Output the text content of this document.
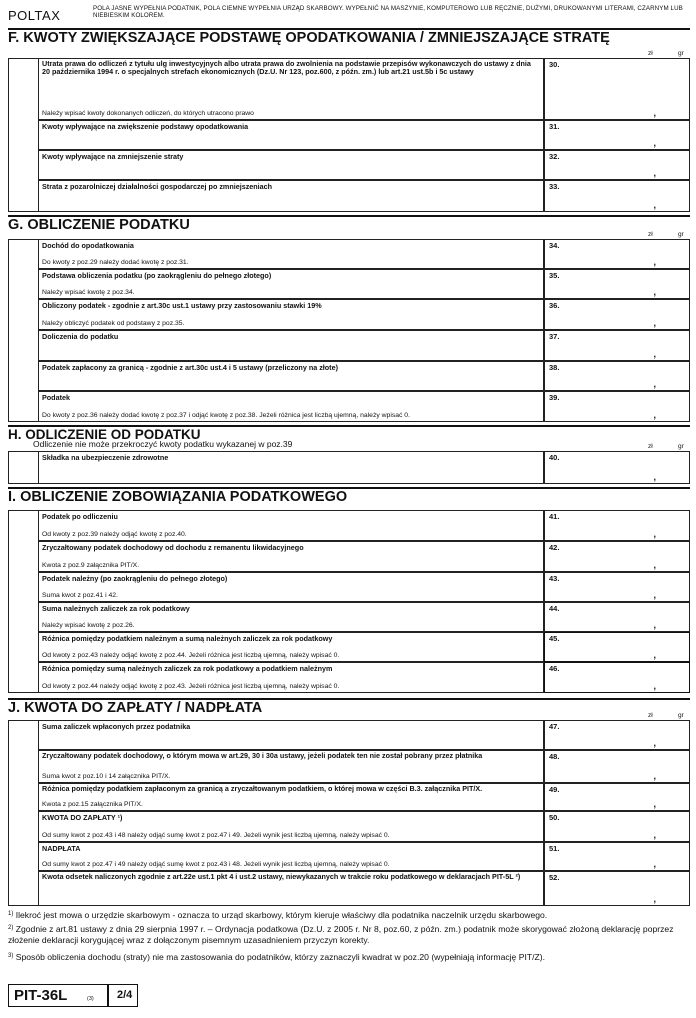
POLTAX	POLA JASNE WYPEŁNIA PODATNIK, POLA CIEMNE WYPEŁNIA URZĄD SKARBOWY. WYPEŁNIĆ NA MASZYNIE, KOMPUTEROWO LUB RĘCZNIE, DUŻYMI, DRUKOWANYMI LITERAMI, CZARNYM LUB NIEBIESKIM KOLOREM.
F. KWOTY ZWIĘKSZAJĄCE PODSTAWĘ OPODATKOWANIA / ZMNIEJSZAJĄCE STRATĘ
zł	gr
Utrata prawa do odliczeń z tytułu ulg inwestycyjnych albo utrata prawa do zwolnienia na podstawie przepisów wykonawczych do ustawy z dnia 20 października 1994 r. o specjalnych strefach ekonomicznych (Dz.U. Nr 123, poz.600, z późn. zm.) lub art.21 ust.5b i 5c ustawy
Należy wpisać kwoty dokonanych odliczeń, do których utracono prawo
30.
,
Kwoty wpływające na zwiększenie podstawy opodatkowania	31.
,
Kwoty wpływające na zmniejszenie straty	32.
,
Strata z pozarolniczej działalności gospodarczej po zmniejszeniach	33.
,
G. OBLICZENIE PODATKU
zł	gr
Dochód do opodatkowania
Do kwoty z poz.29 należy dodać kwotę z poz.31.
34.
,
Podstawa obliczenia podatku (po zaokrągleniu do pełnego złotego)
Należy wpisać kwotę z poz.34.
35.
,
Obliczony podatek - zgodnie z art.30c ust.1 ustawy przy zastosowaniu stawki 19%
Należy obliczyć podatek od podstawy z poz.35.
36.
,
Doliczenia do podatku	37.
,
Podatek zapłacony za granicą - zgodnie z art.30c ust.4 i 5 ustawy (przeliczony na złote)	38.
,
Podatek
Do kwoty z poz.36 należy dodać kwotę z poz.37 i odjąć kwotę z poz.38. Jeżeli różnica jest liczbą ujemną, należy wpisać 0.
39.
,
H. ODLICZENIE OD PODATKU
Odliczenie nie może przekroczyć kwoty podatku wykazanej w poz.39	zł	gr
Składka na ubezpieczenie zdrowotne	40.
,
I. OBLICZENIE ZOBOWIĄZANIA PODATKOWEGO
Podatek po odliczeniu
Od kwoty z poz.39 należy odjąć kwotę z poz.40.
41.
,
Zryczałtowany podatek dochodowy od dochodu z remanentu likwidacyjnego
Kwota z poz.9 załącznika PIT/X.
42.
,
Podatek należny (po zaokrągleniu do pełnego złotego)
Suma kwot z poz.41 i 42.
43.
,
Suma należnych zaliczek za rok podatkowy
Należy wpisać kwotę z poz.26.
44.
,
Różnica pomiędzy podatkiem należnym a sumą należnych zaliczek za rok podatkowy
Od kwoty z poz.43 należy odjąć kwotę z poz.44. Jeżeli różnica jest liczbą ujemną, należy wpisać 0.
45.
,
Różnica pomiędzy sumą należnych zaliczek za rok podatkowy a podatkiem należnym
Od kwoty z poz.44 należy odjąć kwotę z poz.43. Jeżeli różnica jest liczbą ujemną, należy wpisać 0.
46.
,
J. KWOTA DO ZAPŁATY / NADPŁATA	zł	gr
Suma zaliczek wpłaconych przez podatnika	47.
,
Zryczałtowany podatek dochodowy, o którym mowa w art.29, 30 i 30a ustawy, jeżeli podatek ten nie został pobrany przez płatnika
Suma kwot z poz.10 i 14 załącznika PIT/X.
48.
,
Różnica pomiędzy podatkiem zapłaconym za granicą a zryczałtowanym podatkiem, o której mowa w części B.3. załącznika PIT/X.
Kwota z poz.15 załącznika PIT/X.
49.
,
KWOTA DO ZAPŁATY ¹)
Od sumy kwot z poz.43 i 48 należy odjąć sumę kwot z poz.47 i 49. Jeżeli wynik jest liczbą ujemną, należy wpisać 0.
50.
,
NADPŁATA
Od sumy kwot z poz.47 i 49 należy odjąć sumę kwot z poz.43 i 48. Jeżeli wynik jest liczbą ujemną, należy wpisać 0.
51.
,
Kwota odsetek naliczonych zgodnie z art.22e ust.1 pkt 4 i ust.2 ustawy, niewykazanych w trakcie roku podatkowego w deklaracjach PIT-5L ²)	52.
,
$^{1)}$ Ilekroć jest mowa o urzędzie skarbowym - oznacza to urząd skarbowy, którym kieruje właściwy dla podatnika naczelnik urzędu skarbowego.
$^{2)}$ Zgodnie z art.81 ustawy z dnia 29 sierpnia 1997 r. – Ordynacja podatkowa (Dz.U. z 2005 r. Nr 8, poz.60, z późn. zm.) podatnik może skorygować złożoną deklarację poprzez złożenie deklaracji korygującej wraz z dołączonym pisemnym uzasadnieniem przyczyn korekty.
$^{3)}$ Sposób obliczenia dochodu (straty) nie ma zastosowania do podatników, którzy zaznaczyli kwadrat w poz.20 (wypełniają informację PIT/Z).
PIT-36L	(3) 2/4
